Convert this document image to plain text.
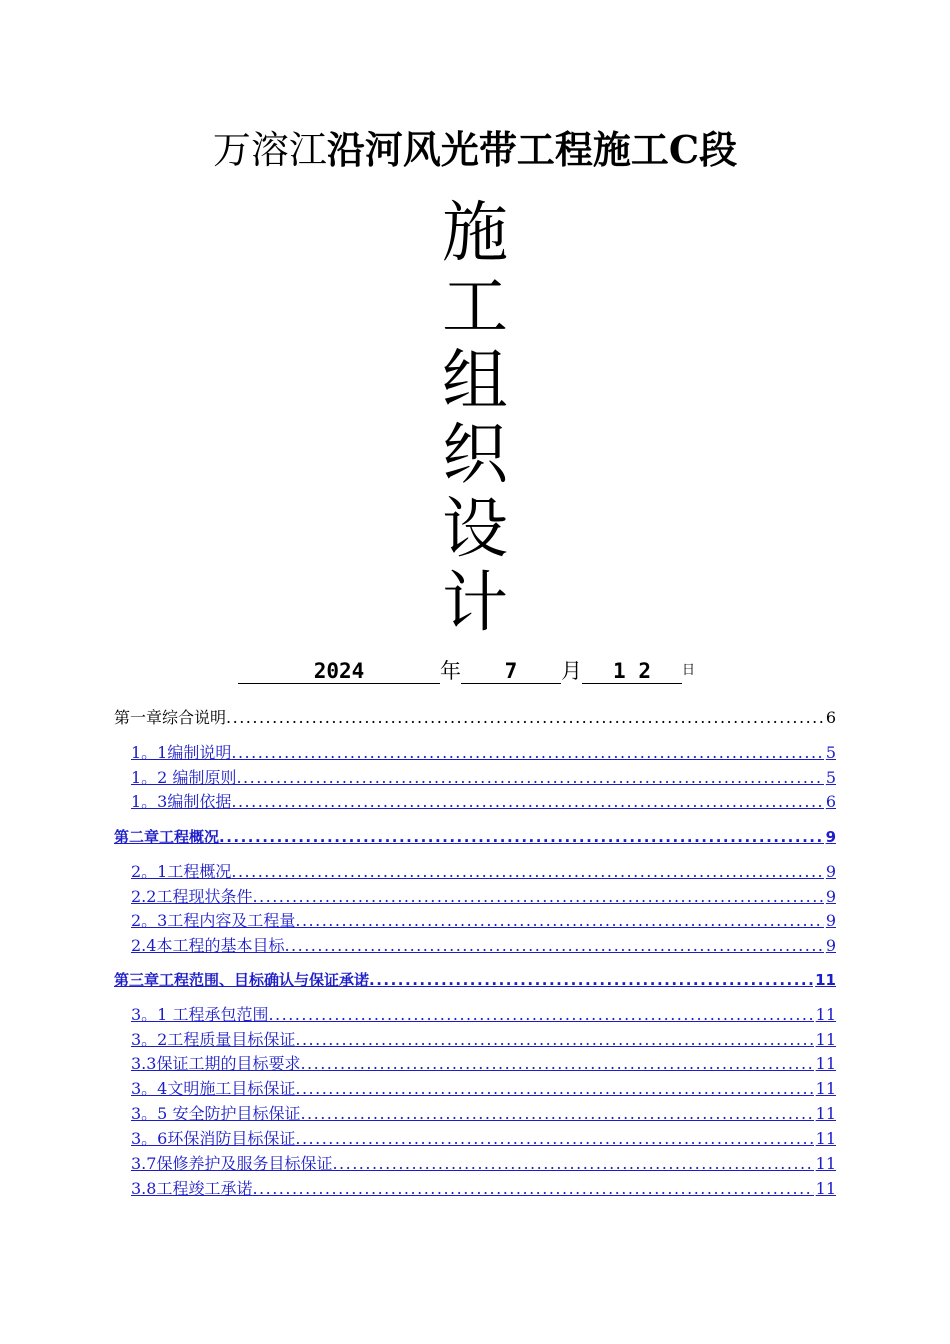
万溶江沿河风光带工程施工C段
施
工
组
织
设
计
2024	年 7 月 1 2 日
第一章综合说明 .....	6
1。1编制说明 .....	5
1。2 编制原则 .....	5
1。3编制依据 .....	6
第二章工程概况 .....	9
2。1工程概况 .....	9
2.2工程现状条件 .....	9
2。3工程内容及工程量 .....	9
2.4本工程的基本目标 .....	9
第三章工程范围、目标确认与保证承诺 .....	11
3。1 工程承包范围 .....	11
3。2工程质量目标保证 .....	11
3.3保证工期的目标要求 .....	11
3。4文明施工目标保证 .....	11
3。5 安全防护目标保证 .....	11
3。6环保消防目标保证 .....	11
3.7保修养护及服务目标保证 .....	11
3.8工程竣工承诺 .....	11
